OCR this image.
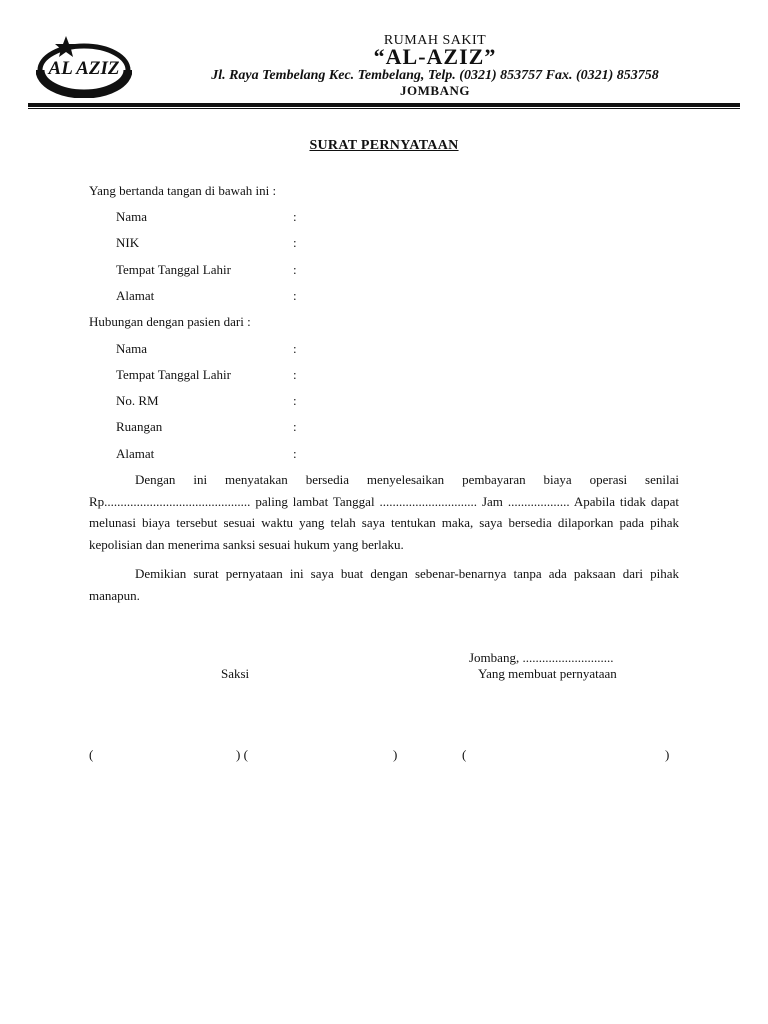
AL AZIZ
RUMAH SAKIT
“AL-AZIZ”
Jl. Raya Tembelang Kec. Tembelang, Telp. (0321) 853757 Fax. (0321) 853758
JOMBANG
SURAT PERNYATAAN
Yang bertanda tangan di bawah ini :
Nama	:
NIK	:
Tempat Tanggal Lahir	:
Alamat	:
Hubungan dengan pasien dari :
Nama	:
Tempat Tanggal Lahir	:
No. RM	:
Ruangan	:
Alamat	:

Dengan ini menyatakan bersedia menyelesaikan pembayaran biaya operasi senilai Rp............................................. paling lambat Tanggal .............................. Jam ................... Apabila tidak dapat melunasi biaya tersebut sesuai waktu yang telah saya tentukan maka, saya bersedia dilaporkan pada pihak kepolisian dan menerima sanksi sesuai hukum yang berlaku.

Demikian surat pernyataan ini saya buat dengan sebenar-benarnya tanpa ada paksaan dari pihak manapun.

Jombang, ............................
Saksi	Yang membuat pernyataan
(	) (	)	(	)
